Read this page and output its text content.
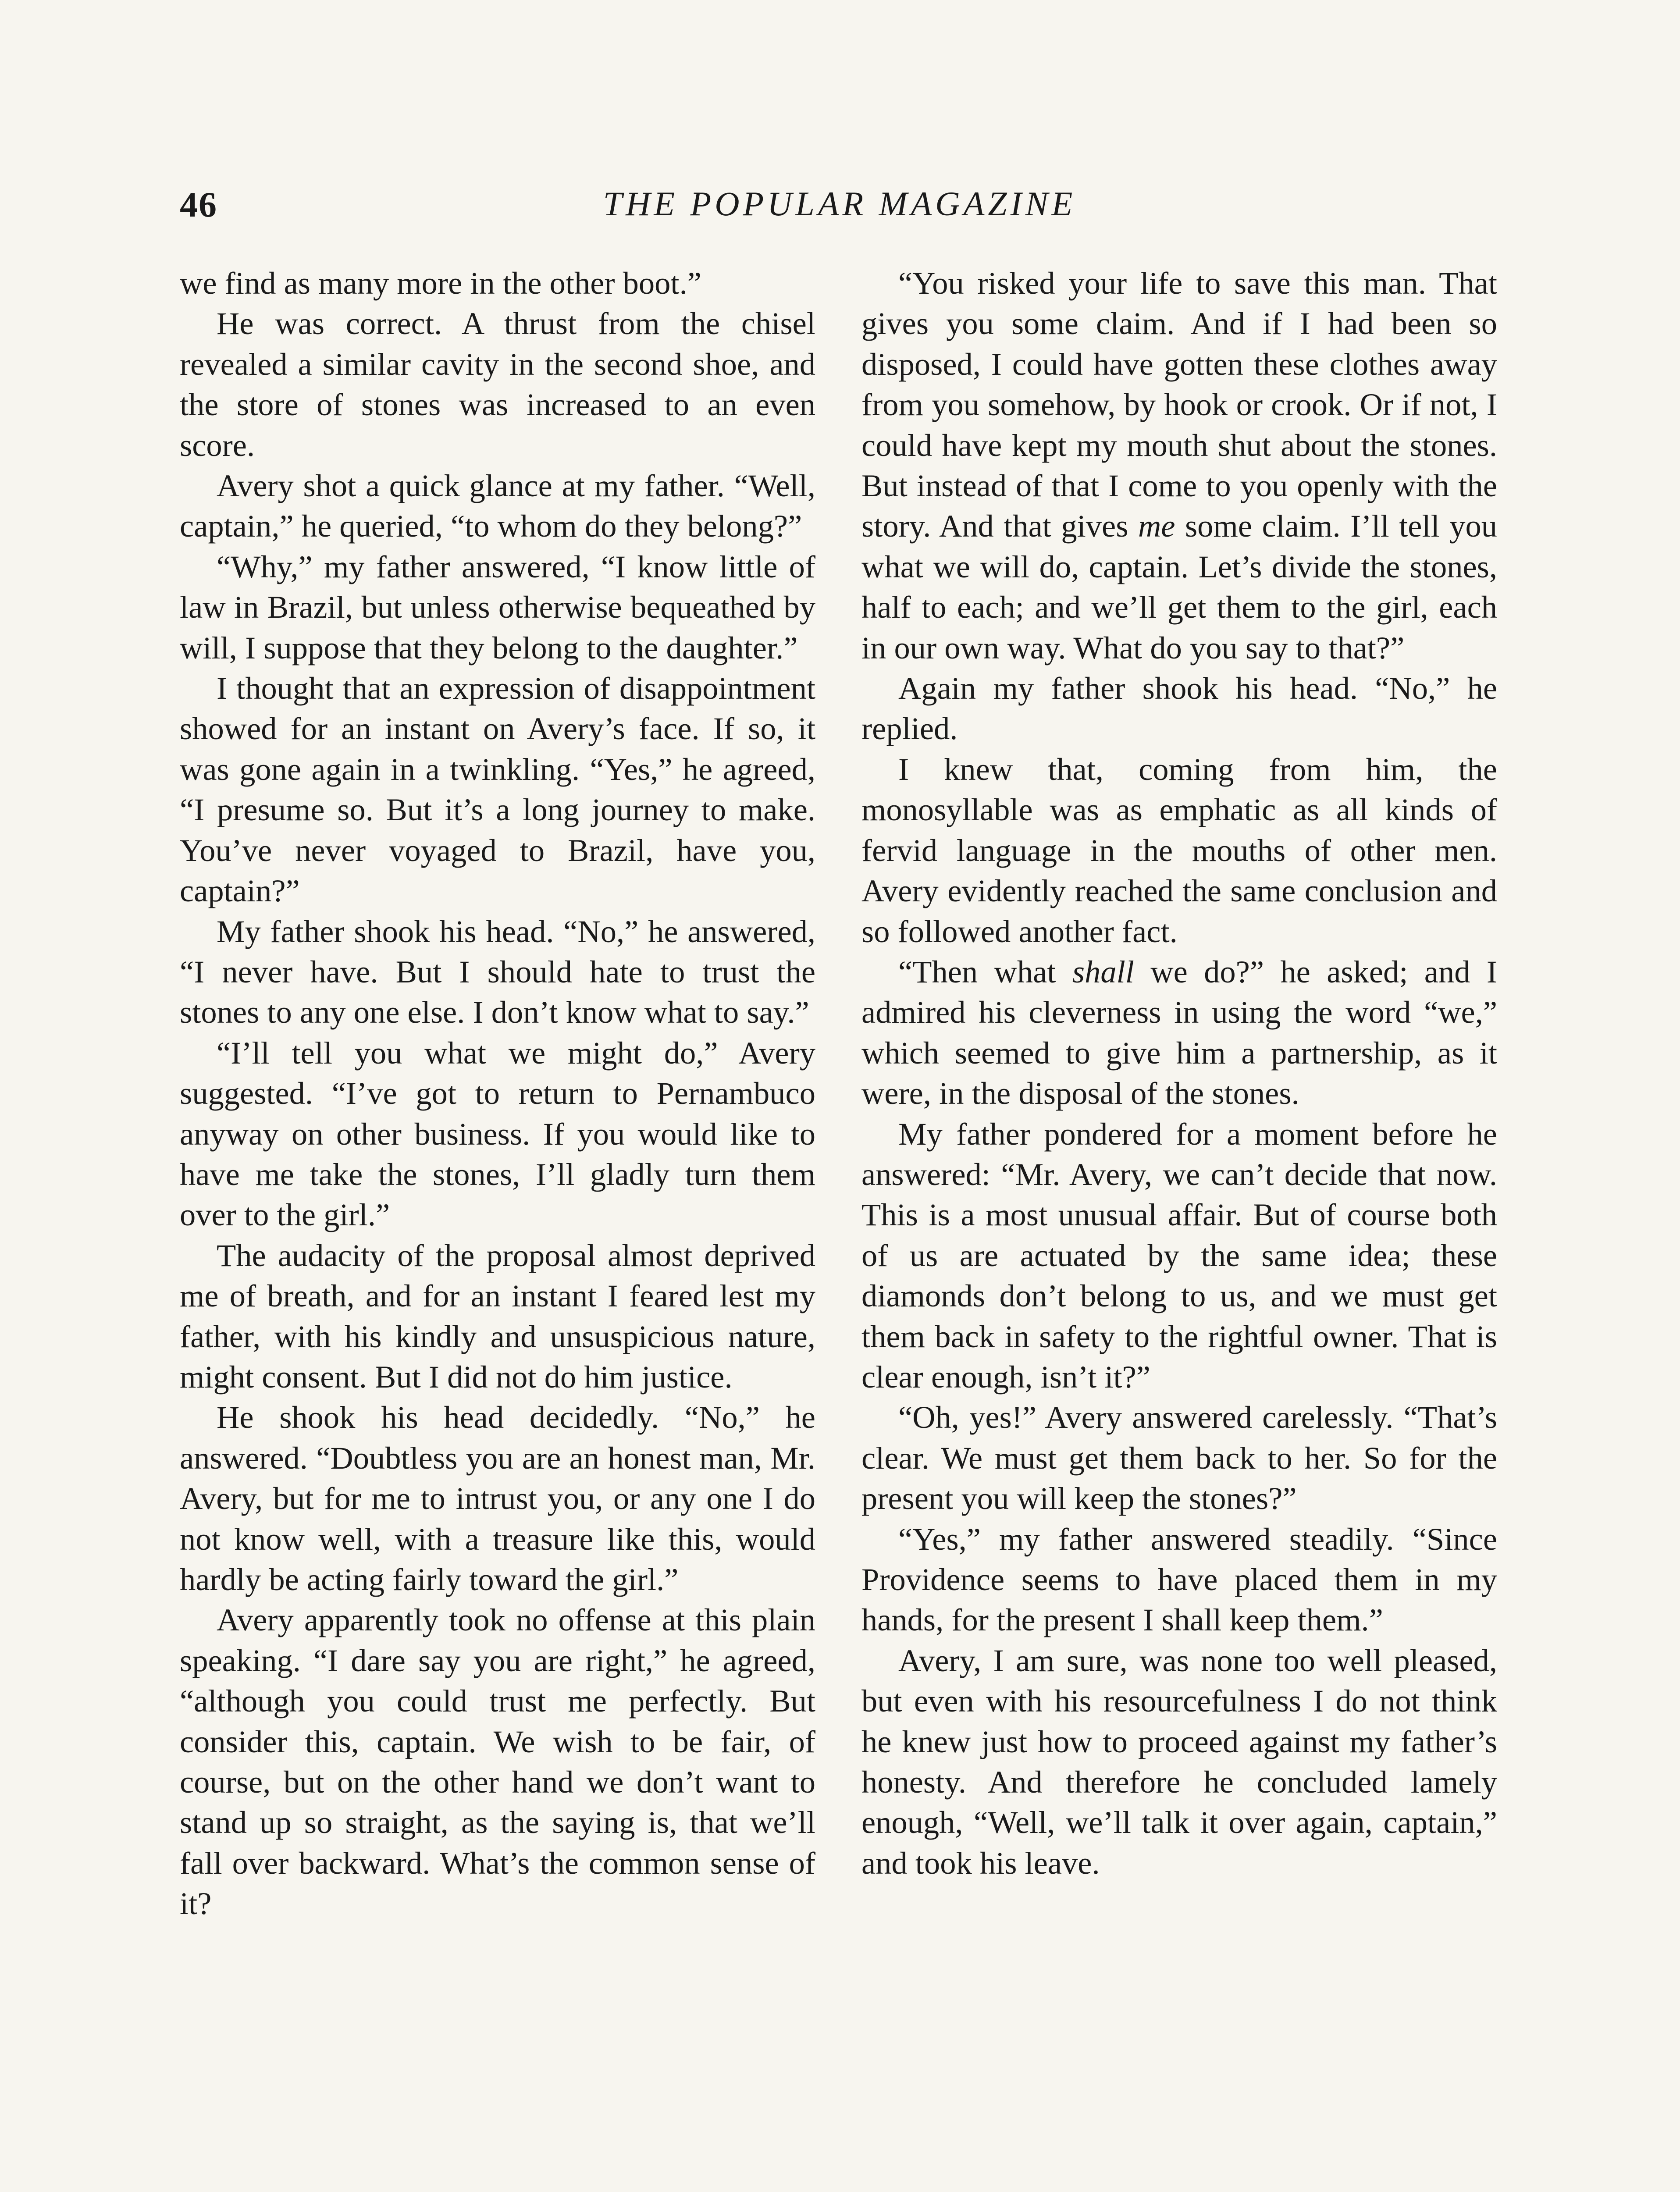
46	THE POPULAR MAGAZINE

we find as many more in the other boot.”

He was correct. A thrust from the chisel revealed a similar cavity in the second shoe, and the store of stones was increased to an even score.

Avery shot a quick glance at my father. “Well, captain,” he queried, “to whom do they belong?”

“Why,” my father answered, “I know little of law in Brazil, but unless otherwise bequeathed by will, I suppose that they belong to the daughter.”

I thought that an expression of disappointment showed for an instant on Avery’s face. If so, it was gone again in a twinkling. “Yes,” he agreed, “I presume so. But it’s a long journey to make. You’ve never voyaged to Brazil, have you, captain?”

My father shook his head. “No,” he answered, “I never have. But I should hate to trust the stones to any one else. I don’t know what to say.”

“I’ll tell you what we might do,” Avery suggested. “I’ve got to return to Pernambuco anyway on other business. If you would like to have me take the stones, I’ll gladly turn them over to the girl.”

The audacity of the proposal almost deprived me of breath, and for an instant I feared lest my father, with his kindly and unsuspicious nature, might consent. But I did not do him justice.

He shook his head decidedly. “No,” he answered. “Doubtless you are an honest man, Mr. Avery, but for me to intrust you, or any one I do not know well, with a treasure like this, would hardly be acting fairly toward the girl.”

Avery apparently took no offense at this plain speaking. “I dare say you are right,” he agreed, “although you could trust me perfectly. But consider this, captain. We wish to be fair, of course, but on the other hand we don’t want to stand up so straight, as the saying is, that we’ll fall over backward. What’s the common sense of it?

“You risked your life to save this man. That gives you some claim. And if I had been so disposed, I could have gotten these clothes away from you somehow, by hook or crook. Or if not, I could have kept my mouth shut about the stones. But instead of that I come to you openly with the story. And that gives me some claim. I’ll tell you what we will do, captain. Let’s divide the stones, half to each; and we’ll get them to the girl, each in our own way. What do you say to that?”

Again my father shook his head. “No,” he replied.

I knew that, coming from him, the monosyllable was as emphatic as all kinds of fervid language in the mouths of other men. Avery evidently reached the same conclusion and so followed another fact.

“Then what shall we do?” he asked; and I admired his cleverness in using the word “we,” which seemed to give him a partnership, as it were, in the disposal of the stones.

My father pondered for a moment before he answered: “Mr. Avery, we can’t decide that now. This is a most unusual affair. But of course both of us are actuated by the same idea; these diamonds don’t belong to us, and we must get them back in safety to the rightful owner. That is clear enough, isn’t it?”

“Oh, yes!” Avery answered carelessly. “That’s clear. We must get them back to her. So for the present you will keep the stones?”

“Yes,” my father answered steadily. “Since Providence seems to have placed them in my hands, for the present I shall keep them.”

Avery, I am sure, was none too well pleased, but even with his resourcefulness I do not think he knew just how to proceed against my father’s honesty. And therefore he concluded lamely enough, “Well, we’ll talk it over again, captain,” and took his leave.
